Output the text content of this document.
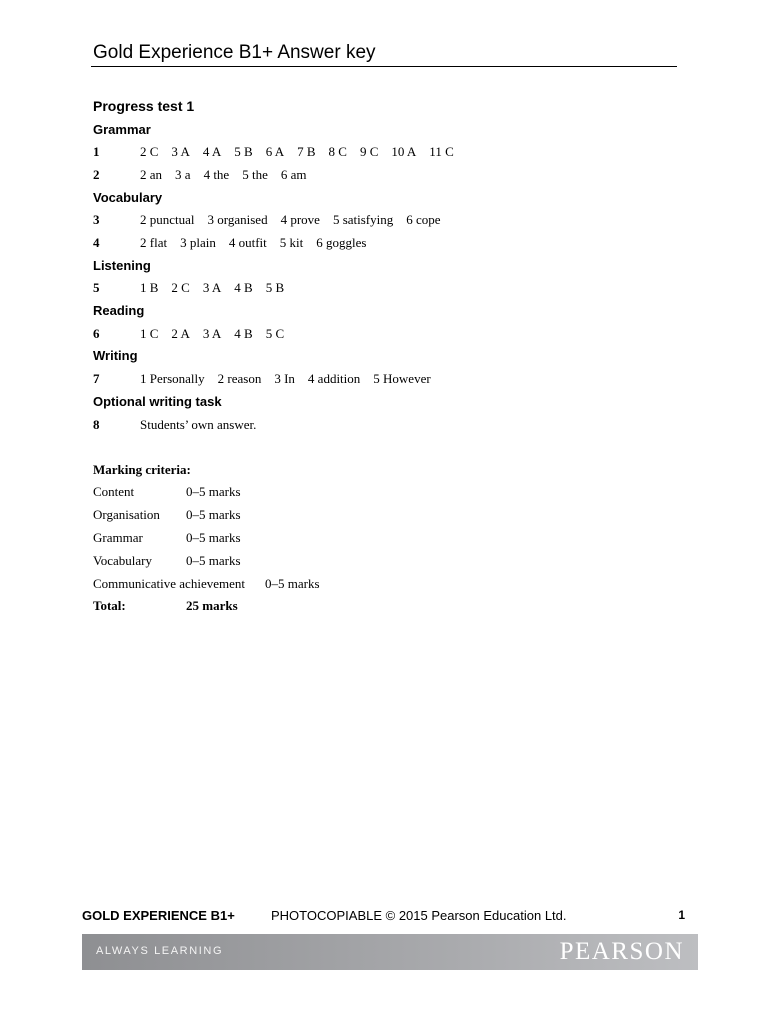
Gold Experience B1+ Answer key
Progress test 1
Grammar
Vocabulary
Listening
Reading
Writing
Optional writing task
1	2 C 3 A 4 A 5 B 6 A 7 B 8 C 9 C 10 A 11 C
2	2 an 3 a 4 the 5 the 6 am
3	2 punctual 3 organised 4 prove 5 satisfying 6 cope
4	2 flat 3 plain 4 outfit 5 kit 6 goggles
5	1 B 2 C 3 A 4 B 5 B
6	1 C 2 A 3 A 4 B 5 C
7	1 Personally 2 reason 3 In 4 addition 5 However
8	Students’ own answer.
Marking criteria:
Content	0–5 marks
Organisation 0–5 marks
Grammar	0–5 marks
Vocabulary	0–5 marks
Communicative achievement 0–5 marks
Total:	25 marks
GOLD EXPERIENCE B1+	PHOTOCOPIABLE © 2015 Pearson Education Ltd.	1
ALWAYS LEARNING	PEARSON
